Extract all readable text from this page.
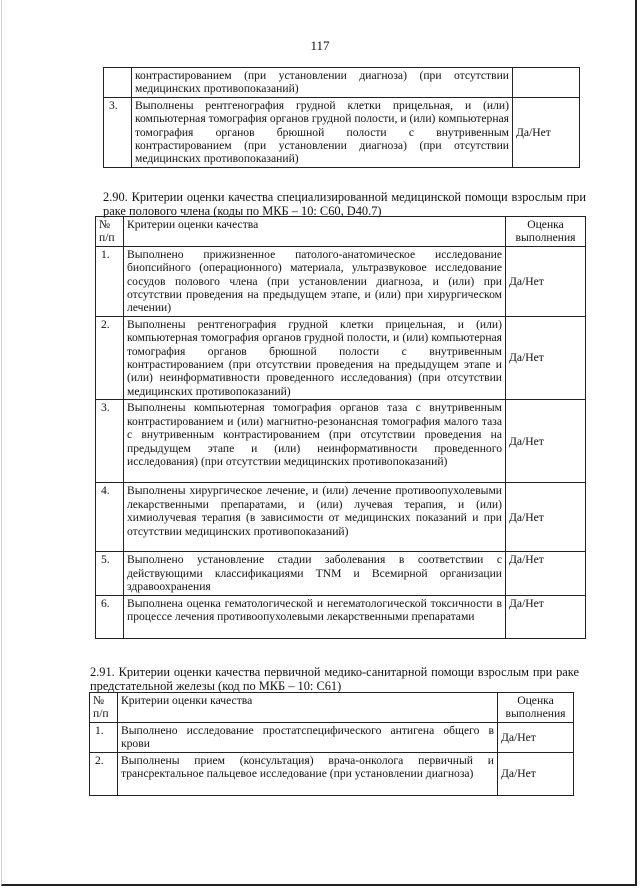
117
	контрастированием (при установлении диагноза) (при отсутствии медицинских противопоказаний)	
3.	Выполнены рентгенография грудной клетки прицельная, и (или) компьютерная томография органов грудной полости, и (или) компьютерная томография органов брюшной полости с внутривенным контрастированием (при установлении диагноза) (при отсутствии медицинских противопоказаний)	Да/Нет
2.90. Критерии оценки качества специализированной медицинской помощи взрослым при раке полового члена (коды по МКБ – 10: С60, D40.7)
№ п/п	Критерии оценки качества	Оценка выполнения
1.	Выполнено прижизненное патолого-анатомическое исследование биопсийного (операционного) материала, ультразвуковое исследование сосудов полового члена (при установлении диагноза, и (или) при отсутствии проведения на предыдущем этапе, и (или) при хирургическом лечении)	Да/Нет
2.	Выполнены рентгенография грудной клетки прицельная, и (или) компьютерная томография органов грудной полости, и (или) компьютерная томография органов брюшной полости с внутривенным контрастированием (при отсутствии проведения на предыдущем этапе и (или) неинформативности проведенного исследования) (при отсутствии медицинских противопоказаний)	Да/Нет
3.	Выполнены компьютерная томография органов таза с внутривенным контрастированием и (или) магнитно-резонансная томография малого таза с внутривенным контрастированием (при отсутствии проведения на предыдущем этапе и (или) неинформативности проведенного исследования) (при отсутствии медицинских противопоказаний)	Да/Нет
4.	Выполнены хирургическое лечение, и (или) лечение противоопухолевыми лекарственными препаратами, и (или) лучевая терапия, и (или) химиолучевая терапия (в зависимости от медицинских показаний и при отсутствии медицинских противопоказаний)	Да/Нет
5.	Выполнено установление стадии заболевания в соответствии с действующими классификациями TNM и Всемирной организации здравоохранения	Да/Нет
6.	Выполнена оценка гематологической и негематологической токсичности в процессе лечения противоопухолевыми лекарственными препаратами	Да/Нет
2.91. Критерии оценки качества первичной медико-санитарной помощи взрослым при раке предстательной железы (код по МКБ – 10: С61)
№ п/п	Критерии оценки качества	Оценка выполнения
1.	Выполнено исследование простатспецифического антигена общего в крови	Да/Нет
2.	Выполнены прием (консультация) врача-онколога первичный и трансректальное пальцевое исследование (при установлении диагноза)	Да/Нет
